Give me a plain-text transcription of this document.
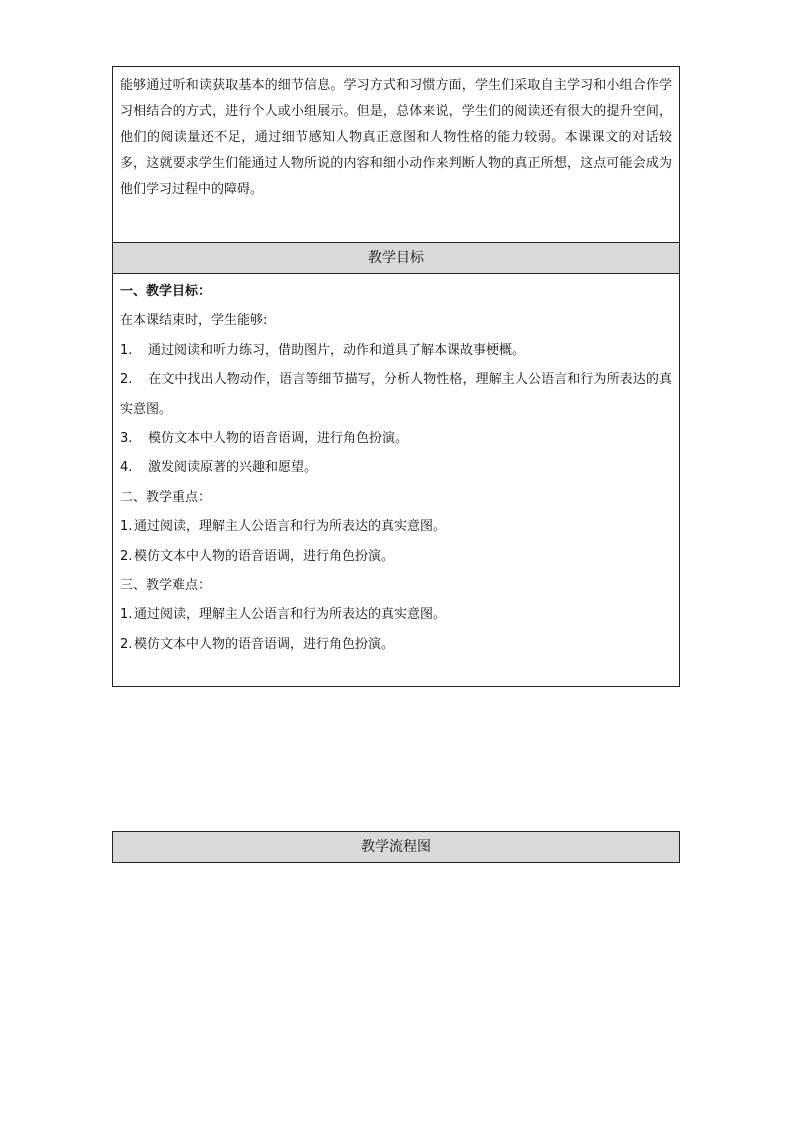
能够通过听和读获取基本的细节信息。学习方式和习惯方面，学生们采取自主学习和小组合作学习相结合的方式，进行个人或小组展示。但是，总体来说，学生们的阅读还有很大的提升空间，他们的阅读量还不足，通过细节感知人物真正意图和人物性格的能力较弱。本课课文的对话较多，这就要求学生们能通过人物所说的内容和细小动作来判断人物的真正所想，这点可能会成为他们学习过程中的障碍。
教学目标
一、教学目标：
在本课结束时，学生能够:
1. 通过阅读和听力练习，借助图片，动作和道具了解本课故事梗概。
2. 在文中找出人物动作，语言等细节描写，分析人物性格，理解主人公语言和行为所表达的真实意图。
3. 模仿文本中人物的语音语调，进行角色扮演。
4. 激发阅读原著的兴趣和愿望。
二、教学重点：
1. 通过阅读，理解主人公语言和行为所表达的真实意图。
2. 模仿文本中人物的语音语调，进行角色扮演。
三、教学难点：
1. 通过阅读，理解主人公语言和行为所表达的真实意图。
2. 模仿文本中人物的语音语调，进行角色扮演。
教学流程图
